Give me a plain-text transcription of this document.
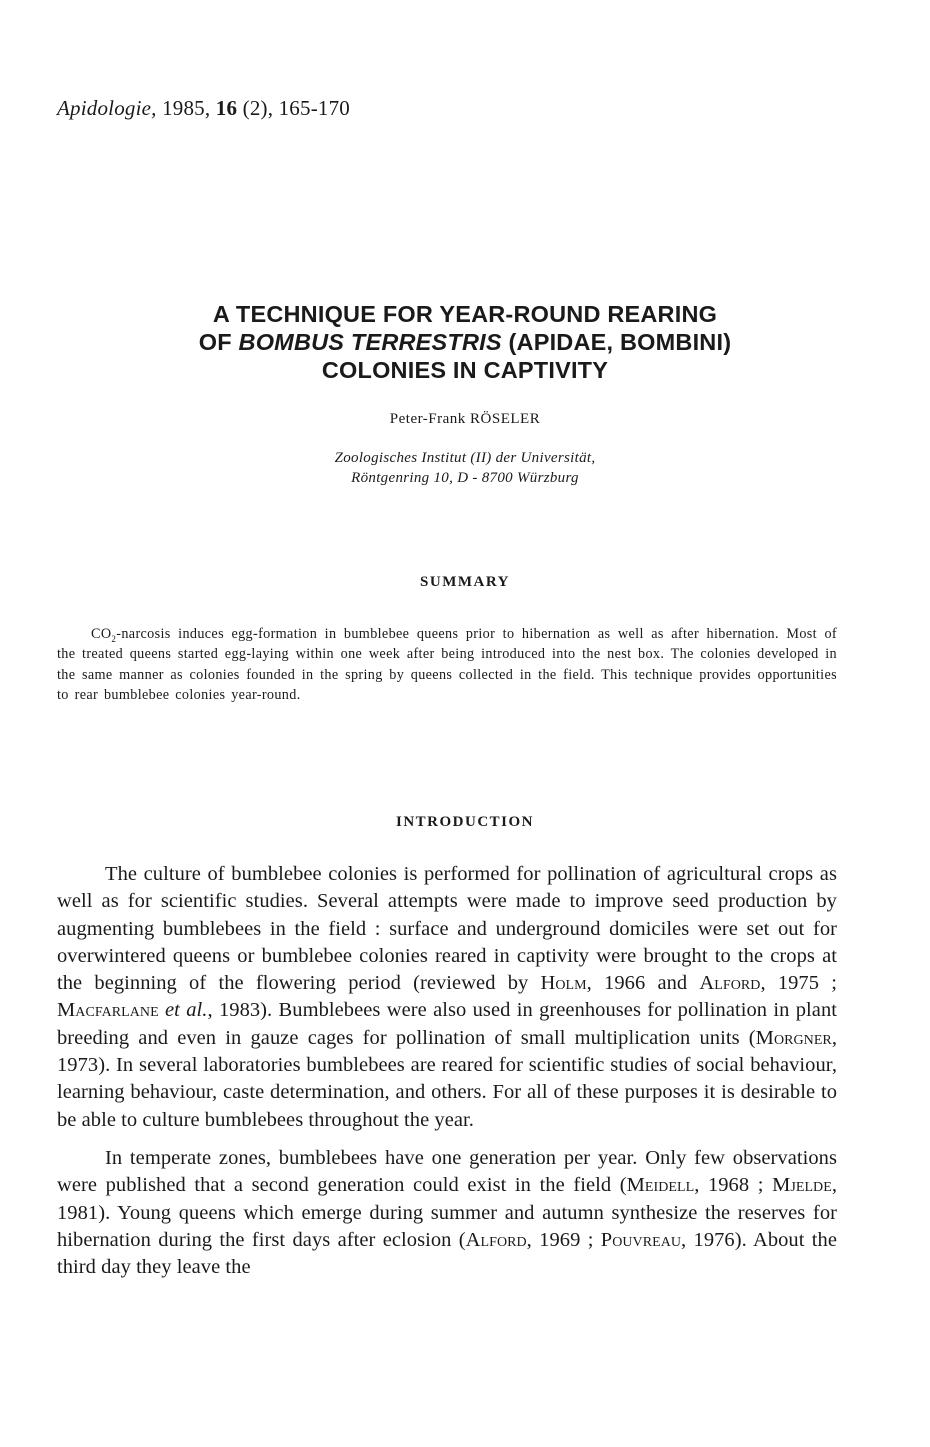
Apidologie, 1985, 16 (2), 165-170
A TECHNIQUE FOR YEAR-ROUND REARING
OF BOMBUS TERRESTRIS (APIDAE, BOMBINI)
COLONIES IN CAPTIVITY
Peter-Frank RÖSELER
Zoologisches Institut (II) der Universität,
Röntgenring 10, D - 8700 Würzburg
SUMMARY

$CO_2$-narcosis induces egg-formation in bumblebee queens prior to hibernation as well as after hibernation. Most of the treated queens started egg-laying within one week after being introduced into the nest box. The colonies developed in the same manner as colonies founded in the spring by queens collected in the field. This technique provides opportunities to rear bumblebee colonies year-round.

INTRODUCTION

The culture of bumblebee colonies is performed for pollination of agricultural crops as well as for scientific studies. Several attempts were made to improve seed production by augmenting bumblebees in the field : surface and underground domiciles were set out for overwintered queens or bumblebee colonies reared in captivity were brought to the crops at the beginning of the flowering period (reviewed by Holm, 1966 and Alford, 1975 ; Macfarlane et al., 1983). Bumblebees were also used in greenhouses for pollination in plant breeding and even in gauze cages for pollination of small multiplication units (Morgner, 1973). In several laboratories bumblebees are reared for scientific studies of social behaviour, learning behaviour, caste determination, and others. For all of these purposes it is desirable to be able to culture bumblebees throughout the year.

In temperate zones, bumblebees have one generation per year. Only few observations were published that a second generation could exist in the field (Meidell, 1968 ; Mjelde, 1981). Young queens which emerge during summer and autumn synthesize the reserves for hibernation during the first days after eclosion (Alford, 1969 ; Pouvreau, 1976). About the third day they leave the
